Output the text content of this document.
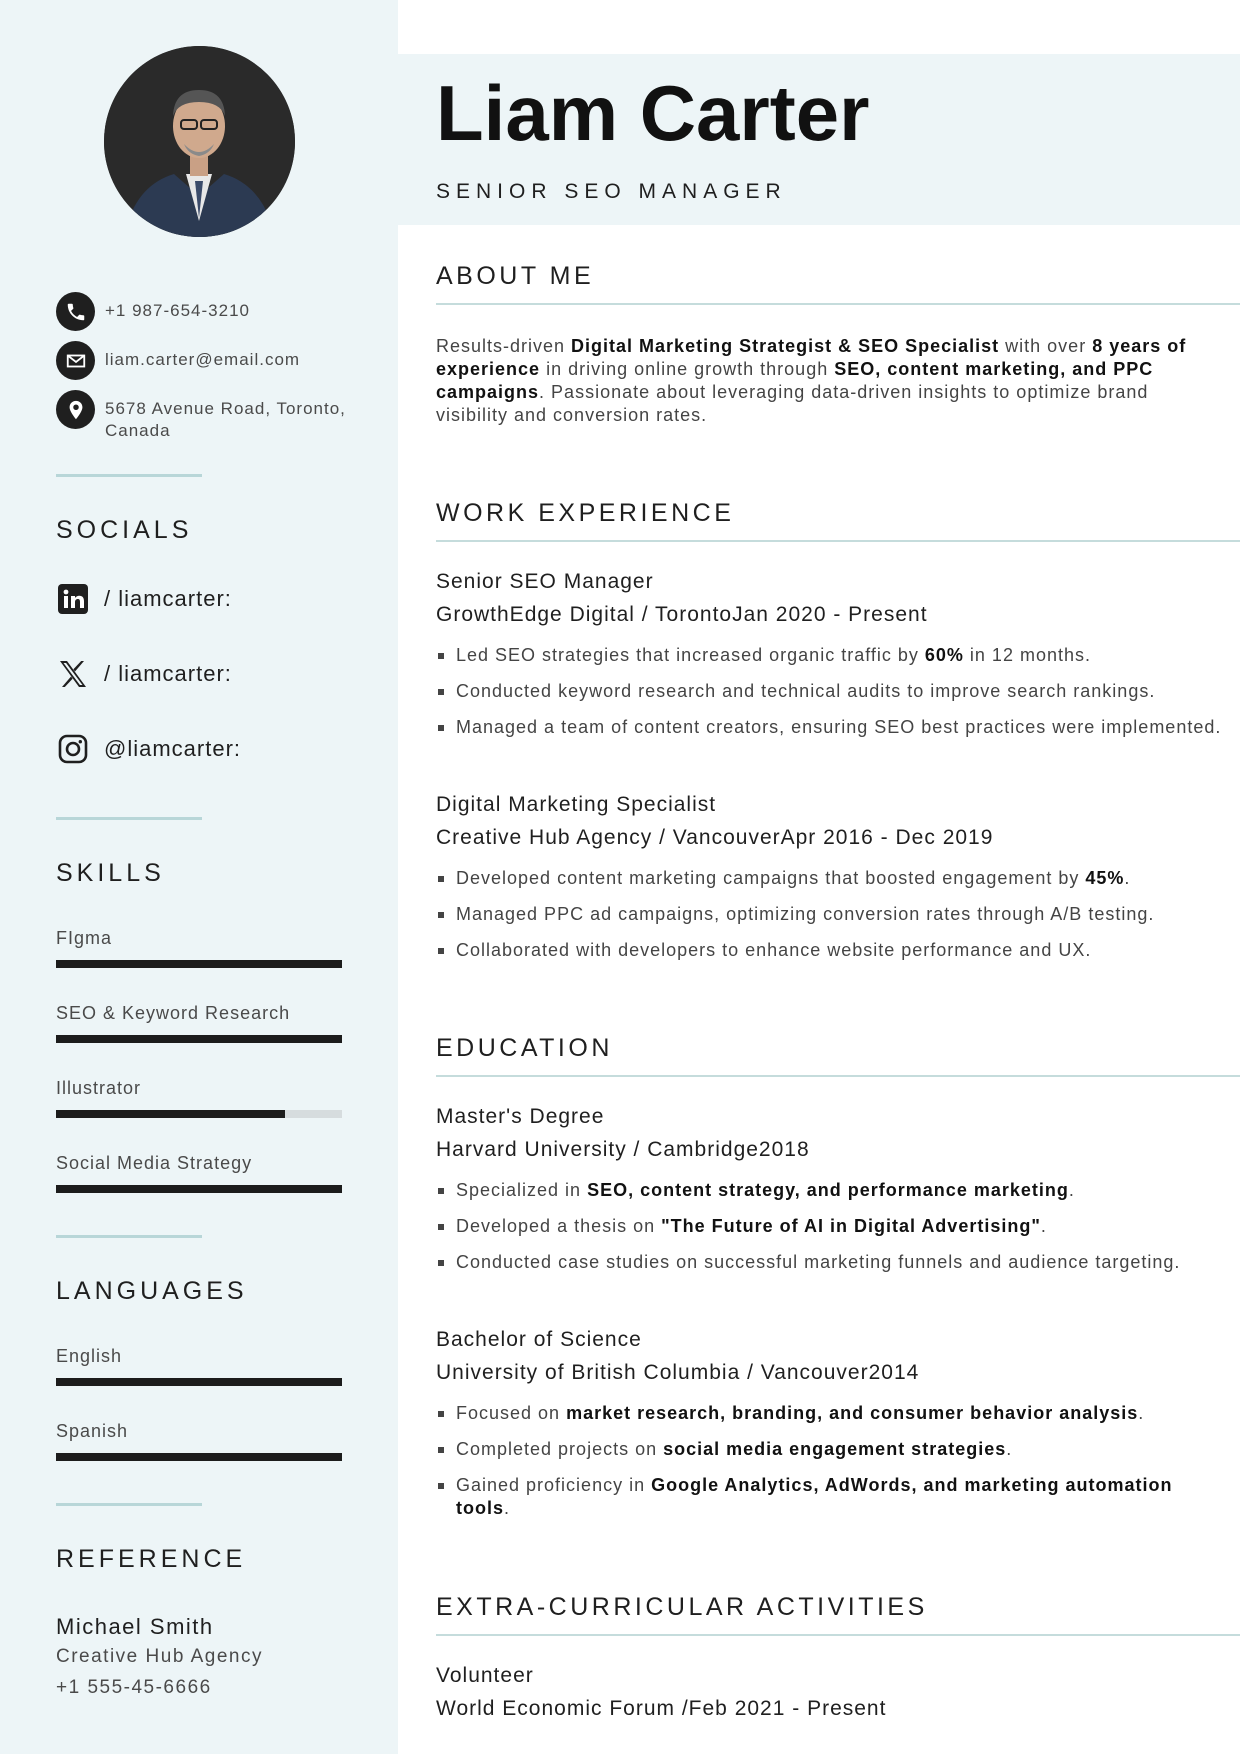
+1 987-654-3210
liam.carter@email.com
5678 Avenue Road, Toronto, Canada
SOCIALS
/ liamcarter:
/ liamcarter:
@liamcarter:
SKILLS
FIgma
SEO & Keyword Research
Illustrator
Social Media Strategy
LANGUAGES
English
Spanish
REFERENCE
Michael Smith
Creative Hub Agency
+1 555-45-6666
Liam Carter
SENIOR SEO MANAGER
ABOUT ME
Results-driven Digital Marketing Strategist & SEO Specialist with over 8 years of experience in driving online growth through SEO, content marketing, and PPC campaigns. Passionate about leveraging data-driven insights to optimize brand visibility and conversion rates.
WORK EXPERIENCE
Senior SEO Manager
GrowthEdge Digital / TorontoJan 2020 - Present
Led SEO strategies that increased organic traffic by 60% in 12 months.
Conducted keyword research and technical audits to improve search rankings.
Managed a team of content creators, ensuring SEO best practices were implemented.
Digital Marketing Specialist
Creative Hub Agency / VancouverApr 2016 - Dec 2019
Developed content marketing campaigns that boosted engagement by 45%.
Managed PPC ad campaigns, optimizing conversion rates through A/B testing.
Collaborated with developers to enhance website performance and UX.
EDUCATION
Master's Degree
Harvard University / Cambridge2018
Specialized in SEO, content strategy, and performance marketing.
Developed a thesis on "The Future of AI in Digital Advertising".
Conducted case studies on successful marketing funnels and audience targeting.
Bachelor of Science
University of British Columbia / Vancouver2014
Focused on market research, branding, and consumer behavior analysis.
Completed projects on social media engagement strategies.
Gained proficiency in Google Analytics, AdWords, and marketing automation tools.
EXTRA-CURRICULAR ACTIVITIES
Volunteer
World Economic Forum /Feb 2021 - Present
